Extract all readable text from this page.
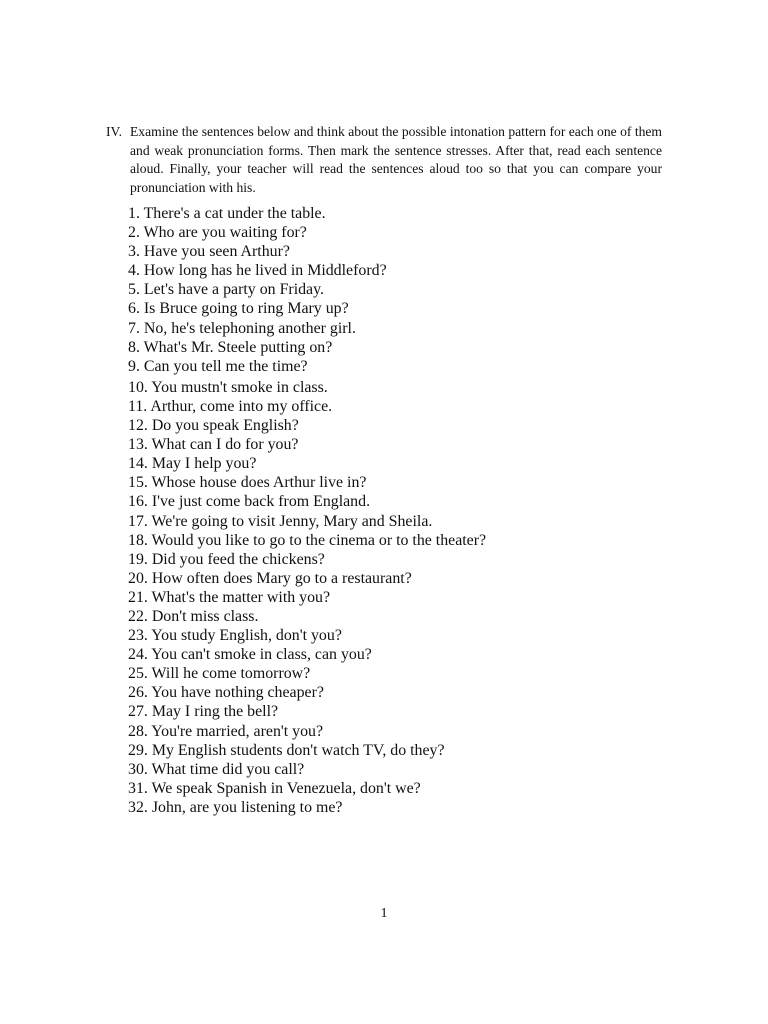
IV. Examine the sentences below and think about the possible intonation pattern for each one of them and weak pronunciation forms. Then mark the sentence stresses. After that, read each sentence aloud. Finally, your teacher will read the sentences aloud too so that you can compare your pronunciation with his.
1. There's a cat under the table.
2. Who are you waiting for?
3. Have you seen Arthur?
4. How long has he lived in Middleford?
5. Let's have a party on Friday.
6. Is Bruce going to ring Mary up?
7. No, he's telephoning another girl.
8. What's Mr. Steele putting on?
9. Can you tell me the time?
10. You mustn't smoke in class.
11. Arthur, come into my office.
12. Do you speak English?
13. What can I do for you?
14. May I help you?
15. Whose house does Arthur live in?
16. I've just come back from England.
17. We're going to visit Jenny, Mary and Sheila.
18. Would you like to go to the cinema or to the theater?
19. Did you feed the chickens?
20. How often does Mary go to a restaurant?
21. What's the matter with you?
22. Don't miss class.
23. You study English, don't you?
24. You can't smoke in class, can you?
25. Will he come tomorrow?
26. You have nothing cheaper?
27. May I ring the bell?
28. You're married, aren't you?
29. My English students don't watch TV, do they?
30. What time did you call?
31. We speak Spanish in Venezuela, don't we?
32. John, are you listening to me?
1
